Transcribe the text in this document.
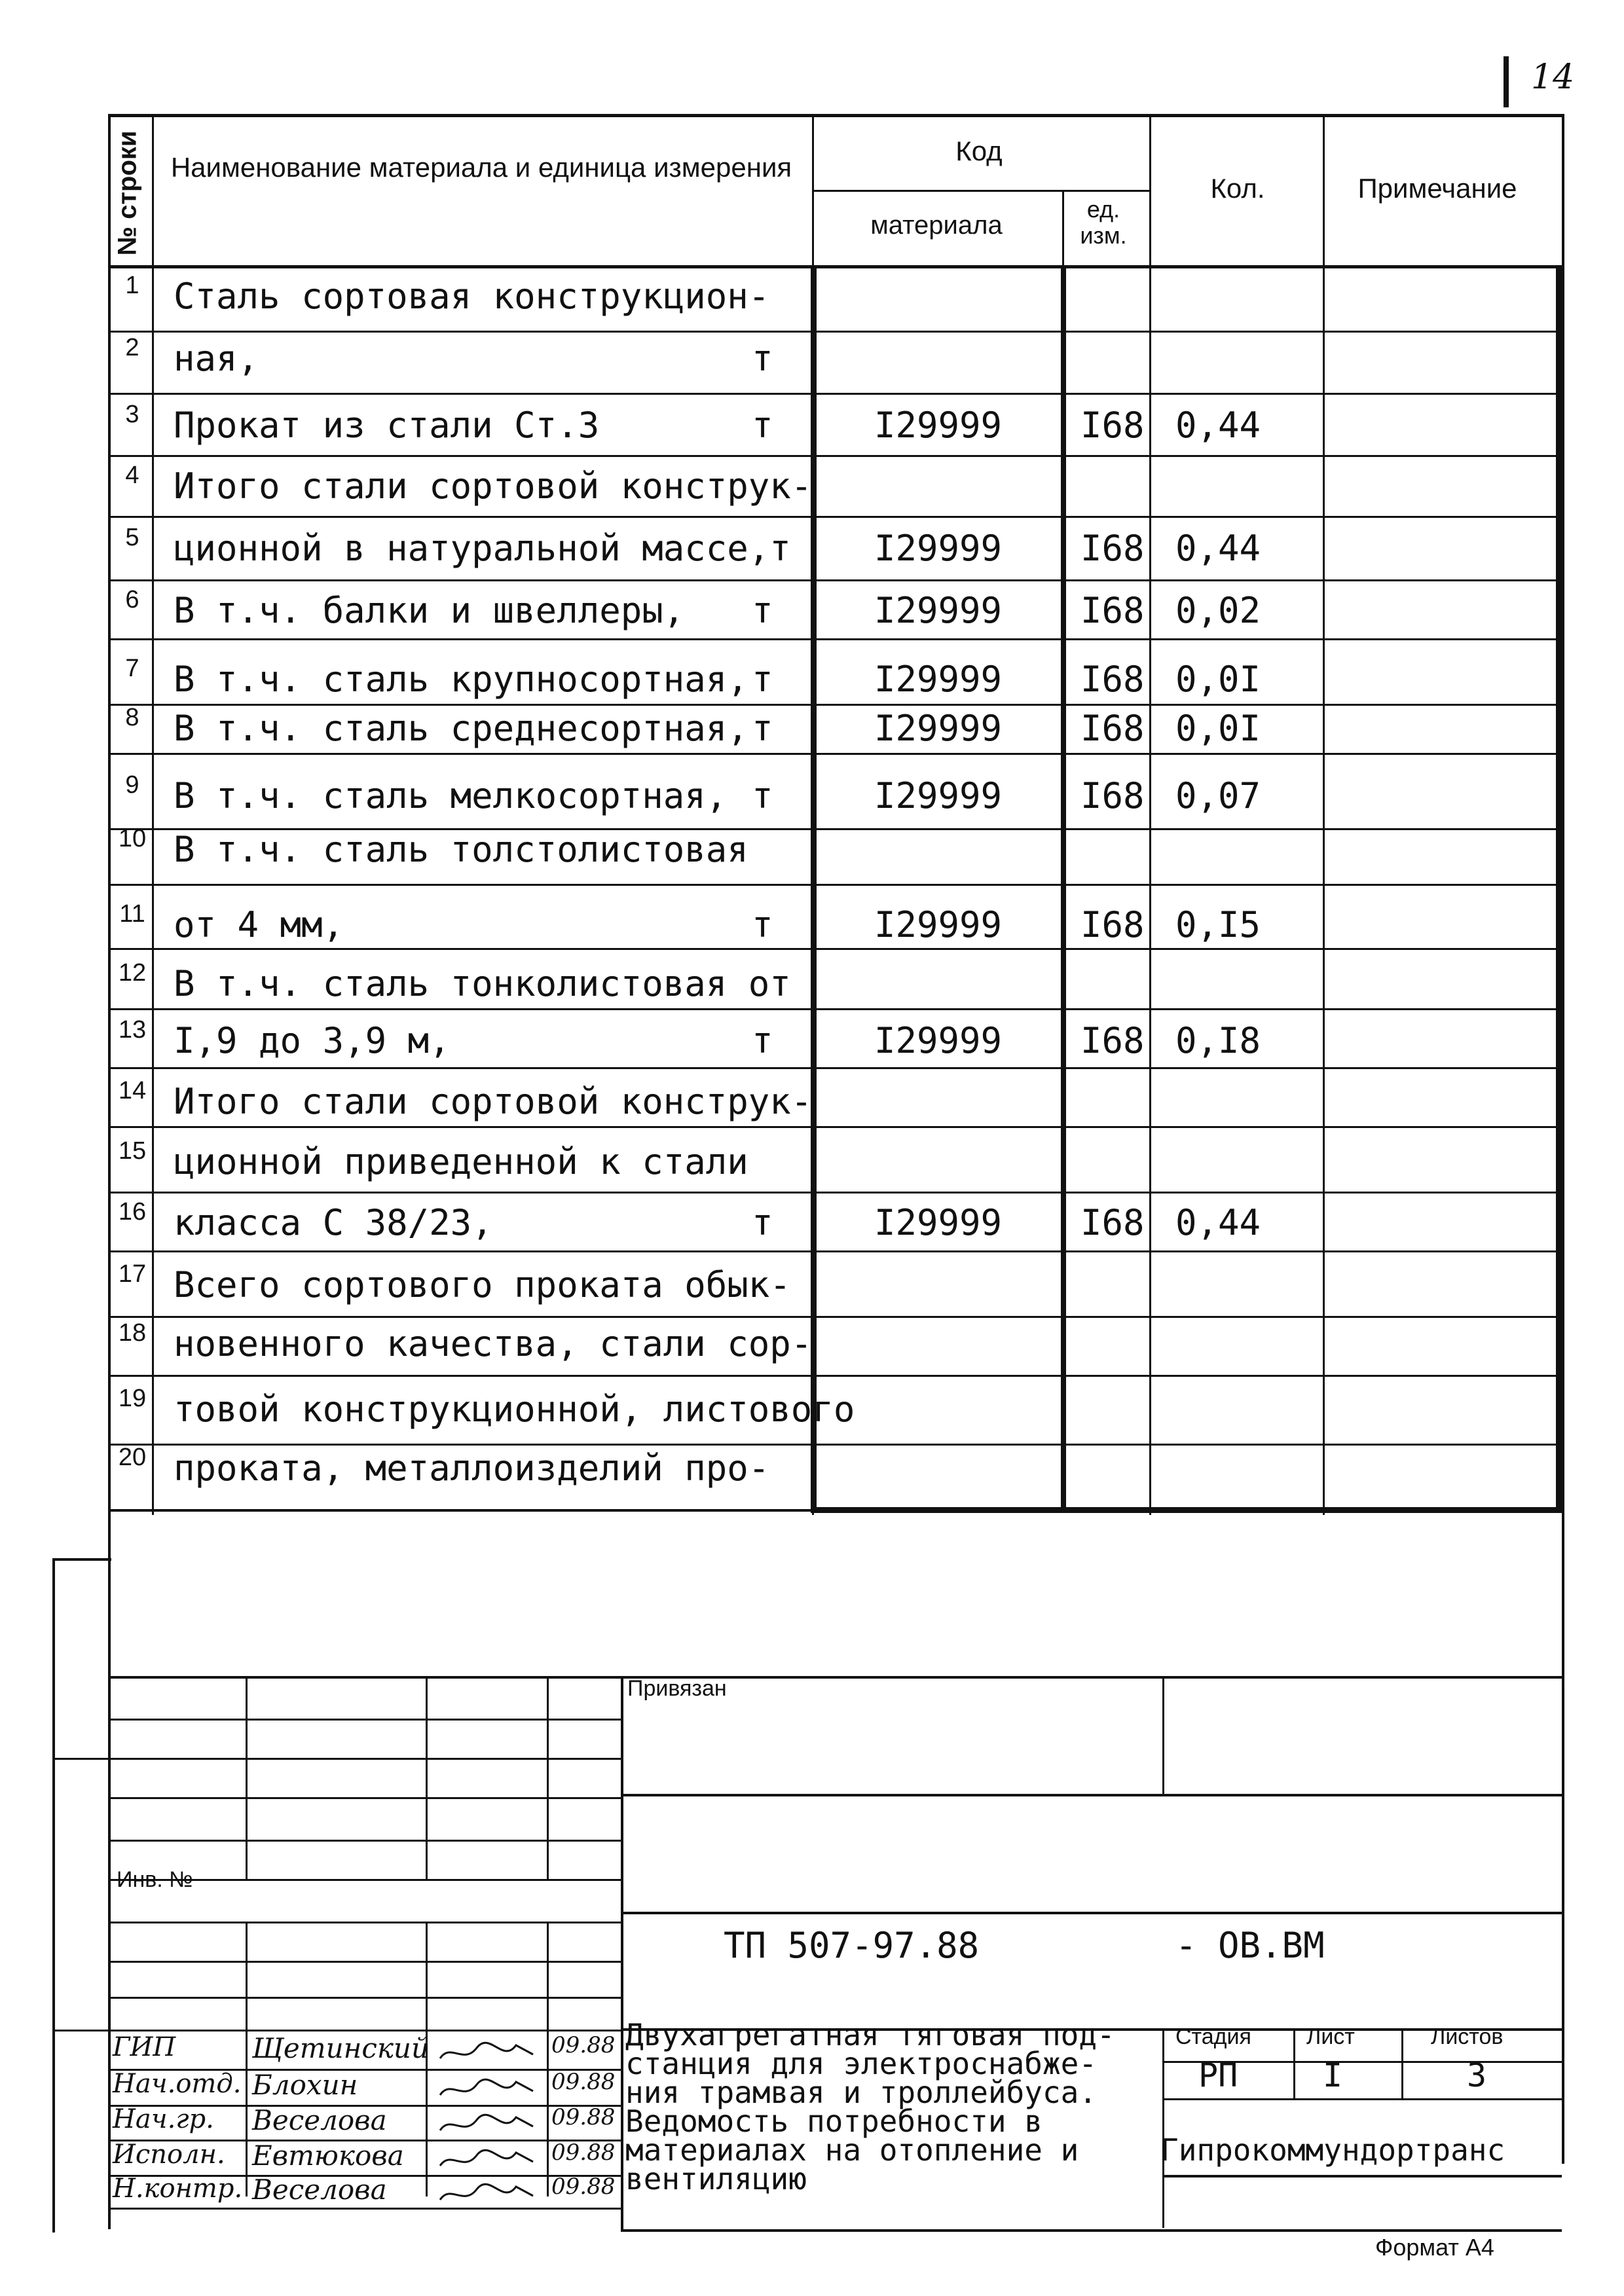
14
№ строки	Наименование материала и единица измерения
Код
материала
ед. изм.
Кол.	Примечание
1 Сталь сортовая конструкцион-
2 ная,	т
3 Прокат из стали Ст.3	т	I29999 I68 0,44
4 Итого стали сортовой конструк-
5 ционной в натуральной массе,т I29999 I68 0,44
6 В т.ч. балки и швеллеры, т	I29999 I68 0,02
7 В т.ч. сталь крупносортная, т	I29999 I68 0,0I
8 В т.ч. сталь среднесортная, т	I29999 I68 0,0I
9 В т.ч. сталь мелкосортная, т	I29999 I68 0,07
10 В т.ч. сталь толстолистовая
11 от 4 мм,	т	I29999 I68 0,I5
12 В т.ч. сталь тонколистовая от
13 I,9 до 3,9 м,	т	I29999 I68 0,I8
14 Итого стали сортовой конструк-
15 ционной приведенной к стали
16 класса С 38/23,	т	I29999 I68 0,44
17 Всего сортового проката обык-
18 новенного качества, стали сор-
19 товой конструкционной, листового
20 проката, металлоизделий про-
Привязан
Инв. №
ТП 507-97.88	- ОВ.ВМ
Двухагрегатная тяговая под-
станция для электроснабже-
ния трамвая и троллейбуса.
Ведомость потребности в
материалах на отопление и
вентиляцию
Стадия Лист	Листов
РП	I	3
Гипрокоммундортранс
ГИП	Щетинский	09.88
Нач.отд. Блохин	09.88
Нач.гр. Веселова	09.88
Исполн. Евтюкова	09.88
Н.контр. Веселова	09.88
Формат А4
